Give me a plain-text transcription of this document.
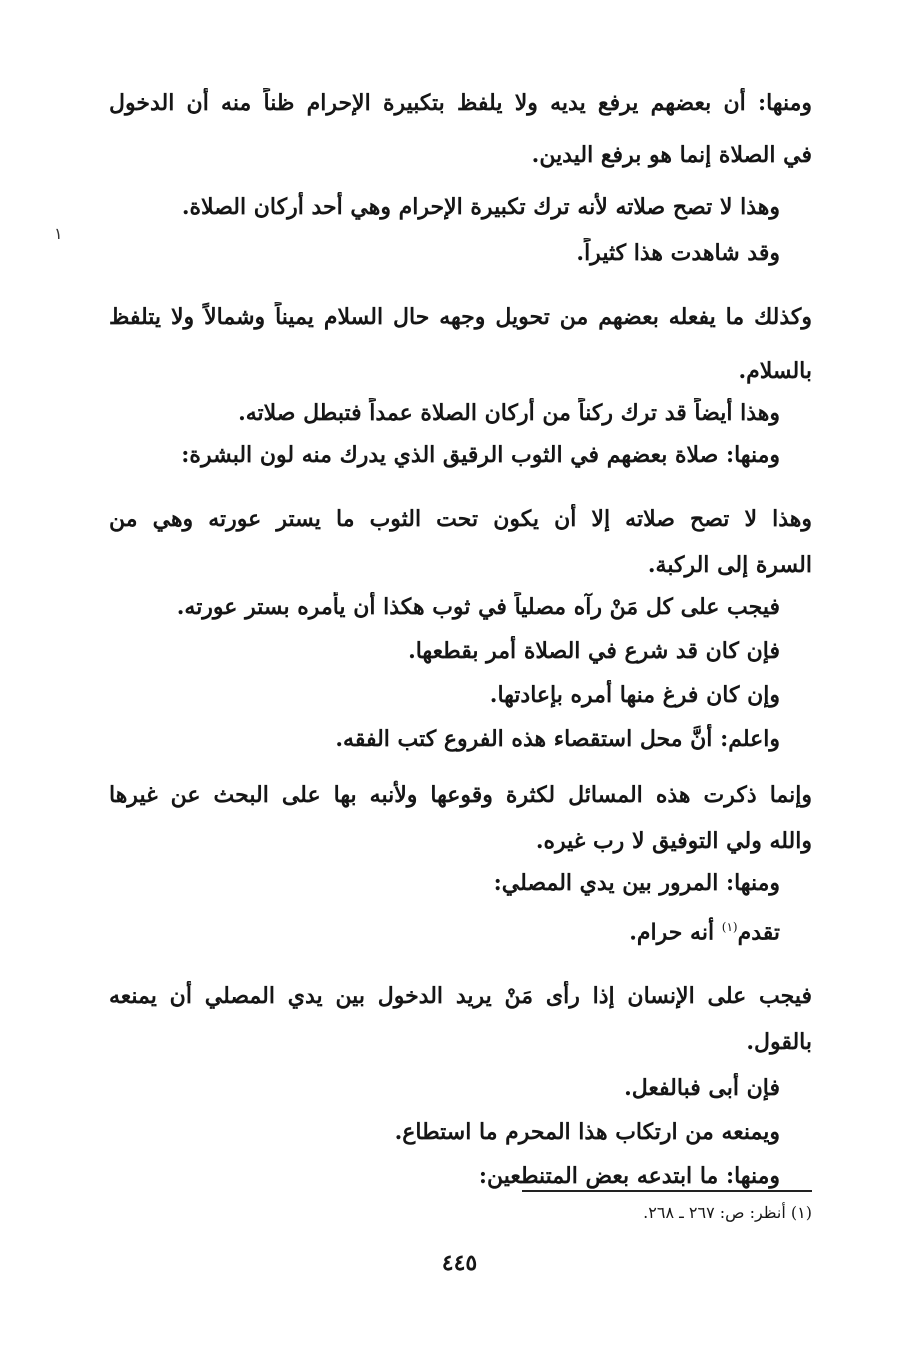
١
ومنها: أن بعضهم يرفع يديه ولا يلفظ بتكبيرة الإحرام ظناً منه أن الدخول
في الصلاة إنما هو برفع اليدين.
وهذا لا تصح صلاته لأنه ترك تكبيرة الإحرام وهي أحد أركان الصلاة.
وقد شاهدت هذا كثيراً.
وكذلك ما يفعله بعضهم من تحويل وجهه حال السلام يميناً وشمالاً ولا يتلفظ
بالسلام.
وهذا أيضاً قد ترك ركناً من أركان الصلاة عمداً فتبطل صلاته.
ومنها: صلاة بعضهم في الثوب الرقيق الذي يدرك منه لون البشرة:
وهذا لا تصح صلاته إلا أن يكون تحت الثوب ما يستر عورته وهي من
السرة إلى الركبة.
فيجب على كل مَنْ رآه مصلياً في ثوب هكذا أن يأمره بستر عورته.
فإن كان قد شرع في الصلاة أمر بقطعها.
وإن كان فرغ منها أمره بإعادتها.
واعلم: أنَّ محل استقصاء هذه الفروع كتب الفقه.
وإنما ذكرت هذه المسائل لكثرة وقوعها ولأنبه بها على البحث عن غيرها
والله ولي التوفيق لا رب غيره.
ومنها: المرور بين يدي المصلي:
تقدم$^{(١)}$ أنه حرام.
فيجب على الإنسان إذا رأى مَنْ يريد الدخول بين يدي المصلي أن يمنعه
بالقول.
فإن أبى فبالفعل.
ويمنعه من ارتكاب هذا المحرم ما استطاع.
ومنها: ما ابتدعه بعض المتنطعين:
(١) أنظر: ص: ٢٦٧ ـ ٢٦٨.
٤٤٥
